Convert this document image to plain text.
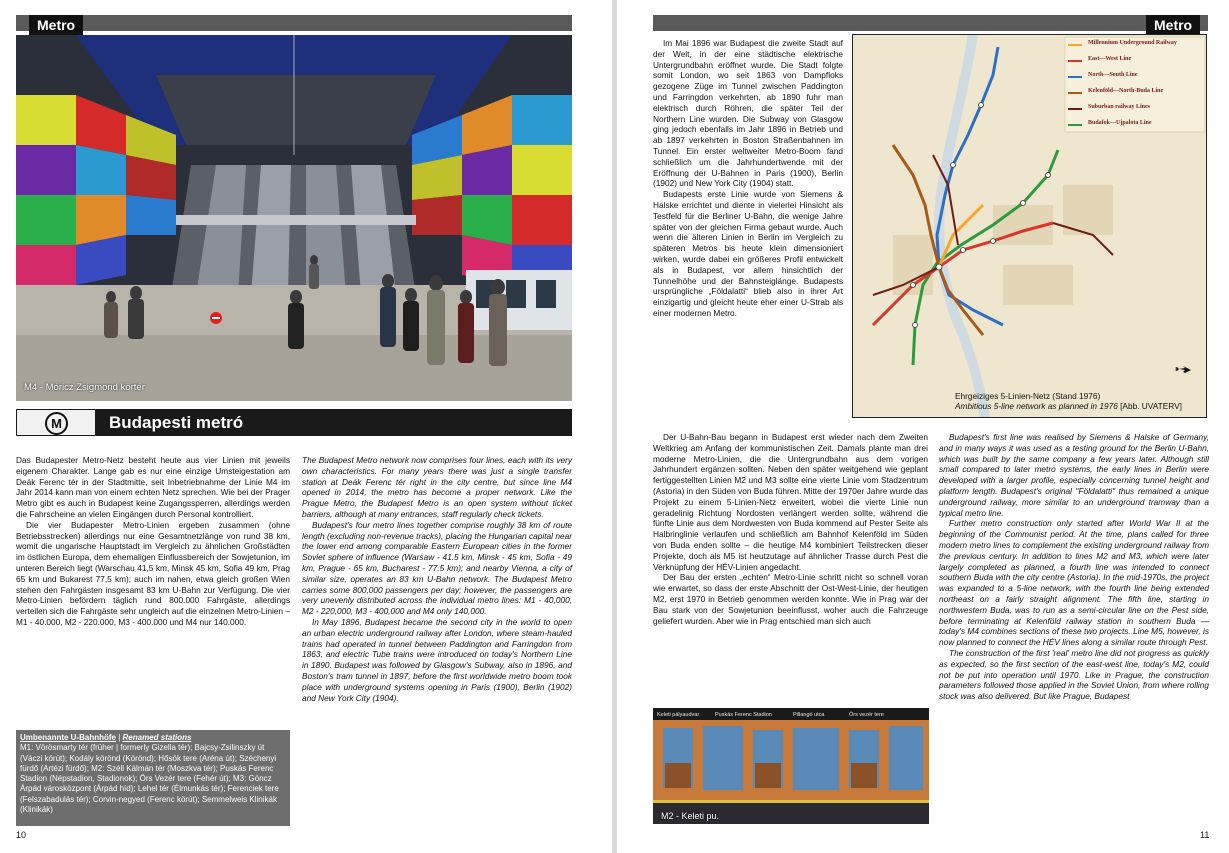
Metro
M4 - Móricz Zsigmond körtér
M	Budapesti metró

Das Budapester Metro-Netz besteht heute aus vier Linien mit jeweils eigenem Charakter. Lange gab es nur eine einzige Umsteigestation am Deák Ferenc tér in der Stadtmitte, seit Inbetriebnahme der Linie M4 im Jahr 2014 kann man von einem echten Netz sprechen. Wie bei der Prager Metro gibt es auch in Budapest keine Zugangssperren, allerdings werden die Fahrscheine an vielen Eingängen durch Personal kontrolliert.

Die vier Budapester Metro-Linien ergeben zusammen (ohne Betriebsstrecken) allerdings nur eine Gesamtnetzlänge von rund 38 km, womit die ungarische Hauptstadt im Vergleich zu ähnlichen Großstädten im östlichen Europa, dem ehemaligen Einflussbereich der Sowjetunion, im unteren Bereich liegt (Warschau 41,5 km, Minsk 45 km, Sofia 49 km, Prag 65 km und Bukarest 77,5 km); auch im nahen, etwa gleich großen Wien stehen den Fahrgästen insgesamt 83 km U-Bahn zur Verfügung. Die vier Metro-Linien befördern täglich rund 800.000 Fahrgäste, allerdings verteilen sich die Fahrgäste sehr ungleich auf die einzelnen Metro-Linien – M1 - 40.000, M2 - 220.000, M3 - 400.000 und M4 nur 140.000.

The Budapest Metro network now comprises four lines, each with its very own characteristics. For many years there was just a single transfer station at Deák Ferenc tér right in the city centre, but since line M4 opened in 2014, the metro has become a proper network. Like the Prague Metro, the Budapest Metro is an open system without ticket barriers, although at many entrances, staff regularly check tickets.

Budapest's four metro lines together comprise roughly 38 km of route length (excluding non-revenue tracks), placing the Hungarian capital near the lower end among comparable Eastern European cities in the former Soviet sphere of influence (Warsaw - 41.5 km, Minsk - 45 km, Sofia - 49 km, Prague - 65 km, Bucharest - 77.5 km); and nearby Vienna, a city of similar size, operates an 83 km U-Bahn network. The Budapest Metro carries some 800,000 passengers per day; however, the passengers are very unevenly distributed across the individual metro lines: M1 - 40,000, M2 - 220,000, M3 - 400,000 and M4 only 140,000.

In May 1896, Budapest became the second city in the world to open an urban electric underground railway after London, where steam-hauled trains had operated in tunnel between Paddington and Farringdon from 1863, and electric Tube trains were introduced on today's Northern Line in 1890. Budapest was followed by Glasgow's Subway, also in 1896, and Boston's tram tunnel in 1897, before the first worldwide metro boom took place with underground systems opening in Paris (1900), Berlin (1902) and New York City (1904).

Umbenannte U-Bahnhöfe | Renamed stations
M1: Vörösmarty tér (früher | formerly Gizella tér); Bajcsy-Zsilinszky út (Váczi körút); Kodály körönd (Körönd); Hősök tere (Aréna út); Széchenyi fürdő (Artézi fürdő); M2: Széll Kálmán tér (Moszkva tér); Puskás Ferenc Stadion (Népstadion, Stadionok); Örs Vezér tere (Fehér út); M3: Göncz Árpád városközpont (Árpád híd); Lehel tér (Élmunkás tér); Ferenciek tere (Felszabadulás tér); Corvin-negyed (Ferenc körút); Semmelweis Klinikák (Klinikák)
10
Metro

Im Mai 1896 war Budapest die zweite Stadt auf der Welt, in der eine städtische elektrische Untergrundbahn eröffnet wurde. Die Stadt folgte somit London, wo seit 1863 von Dampfloks gezogene Züge im Tunnel zwischen Paddington und Farringdon verkehrten, ab 1890 fuhr man elektrisch durch Röhren, die später Teil der Northern Line wurden. Die Subway von Glasgow ging jedoch ebenfalls im Jahr 1896 in Betrieb und ab 1897 verkehrten in Boston Straßenbahnen im Tunnel. Ein erster weltweiter Metro-Boom fand schließlich um die Jahrhundertwende mit der Eröffnung der U-Bahnen in Paris (1900), Berlin (1902) und New York City (1904) statt.

Budapests erste Linie wurde von Siemens & Halske errichtet und diente in vielerlei Hinsicht als Testfeld für die Berliner U-Bahn, die wenige Jahre später von der gleichen Firma gebaut wurde. Auch wenn die älteren Linien in Berlin im Vergleich zu späteren Metros bis heute klein dimensioniert wirken, wurde dabei ein größeres Profil entwickelt als in Budapest, vor allem hinsichtlich der Tunnelhöhe und der Bahnsteiglänge. Budapests ursprüngliche „Földalatti“ blieb also in ihrer Art einzigartig und gleicht heute eher einer U-Strab als einer modernen Metro.

Der U-Bahn-Bau begann in Budapest erst wieder nach dem Zweiten Weltkrieg am Anfang der kommunistischen Zeit. Damals plante man drei moderne Metro-Linien, die die Untergrundbahn aus dem vorigen Jahrhundert ergänzen sollten. Neben den später weitgehend wie geplant fertiggestellten Linien M2 und M3 sollte eine vierte Linie vom Stadzentrum (Astoria) in den Süden von Buda führen. Mitte der 1970er Jahre wurde das Projekt zu einem 5-Linien-Netz erweitert, wobei die vierte Linie nun geradelinig Richtung Nordosten verlängert werden sollte, während die fünfte Linie aus dem Nordwesten von Buda kommend auf Pester Seite als Halbringlinie verlaufen und schließlich am Bahnhof Kelenföld im Süden von Buda enden sollte – die heutige M4 kombiniert Teilstrecken dieser Projekte, doch als M5 ist heutzutage auf ähnlicher Trasse durch Pest die Verknüpfung der HÉV-Linien angedacht.

Der Bau der ersten „echten“ Metro-Linie schritt nicht so schnell voran wie erwartet, so dass der erste Abschnitt der Ost-West-Linie, der heutigen M2, erst 1970 in Betrieb genommen werden konnte. Wie in Prag war der Bau stark von der Sowjetunion beeinflusst, woher auch die Fahrzeuge geliefert wurden. Aber wie in Prag entschied man sich auch

Budapest's first line was realised by Siemens & Halske of Germany, and in many ways it was used as a testing ground for the Berlin U-Bahn, which was built by the same company a few years later. Although still small compared to later metro systems, the early lines in Berlin were developed with a larger profile, especially concerning tunnel height and platform length. Budapest's original "Földalatti" thus remained a unique underground railway, more similar to an underground tramway than a typical metro line.

Further metro construction only started after World War II at the beginning of the Communist period. At the time, plans called for three modern metro lines to complement the existing underground railway from the previous century. In addition to lines M2 and M3, which were later largely completed as planned, a fourth line was intended to connect southern Buda with the city centre (Astoria). In the mid-1970s, the project was expanded to a 5-line network, with the fourth line being extended northeast on a fairly straight alignment. The fifth line, starting in northwestern Buda, was to run as a semi-circular line on the Pest side, before terminating at Kelenföld railway station in southern Buda — today's M4 combines sections of these two projects. Line M5, however, is now planned to connect the HÉV lines along a similar route through Pest.

The construction of the first 'real' metro line did not progress as quickly as expected, so the first section of the east-west line, today's M2, could not be put into operation until 1970. Like in Prague, the construction parameters followed those applied in the Soviet Union, from where rolling stock was also delivered. But like Prague, Budapest

11
Millennium Underground Railway
East—West Line
North—South Line
Kelenföld—North-Buda Line
Suburban railway Lines
Budafok—Ujpalota Line
Ehrgeiziges 5-Linien-Netz (Stand 1976)
Ambitious 5-line network as planned in 1976 [Abb. UVATERV]
Keleti pályaudvar	Puskás Ferenc Stadion	Pillangó utca	Örs vezér tere
M2 - Keleti pu.
